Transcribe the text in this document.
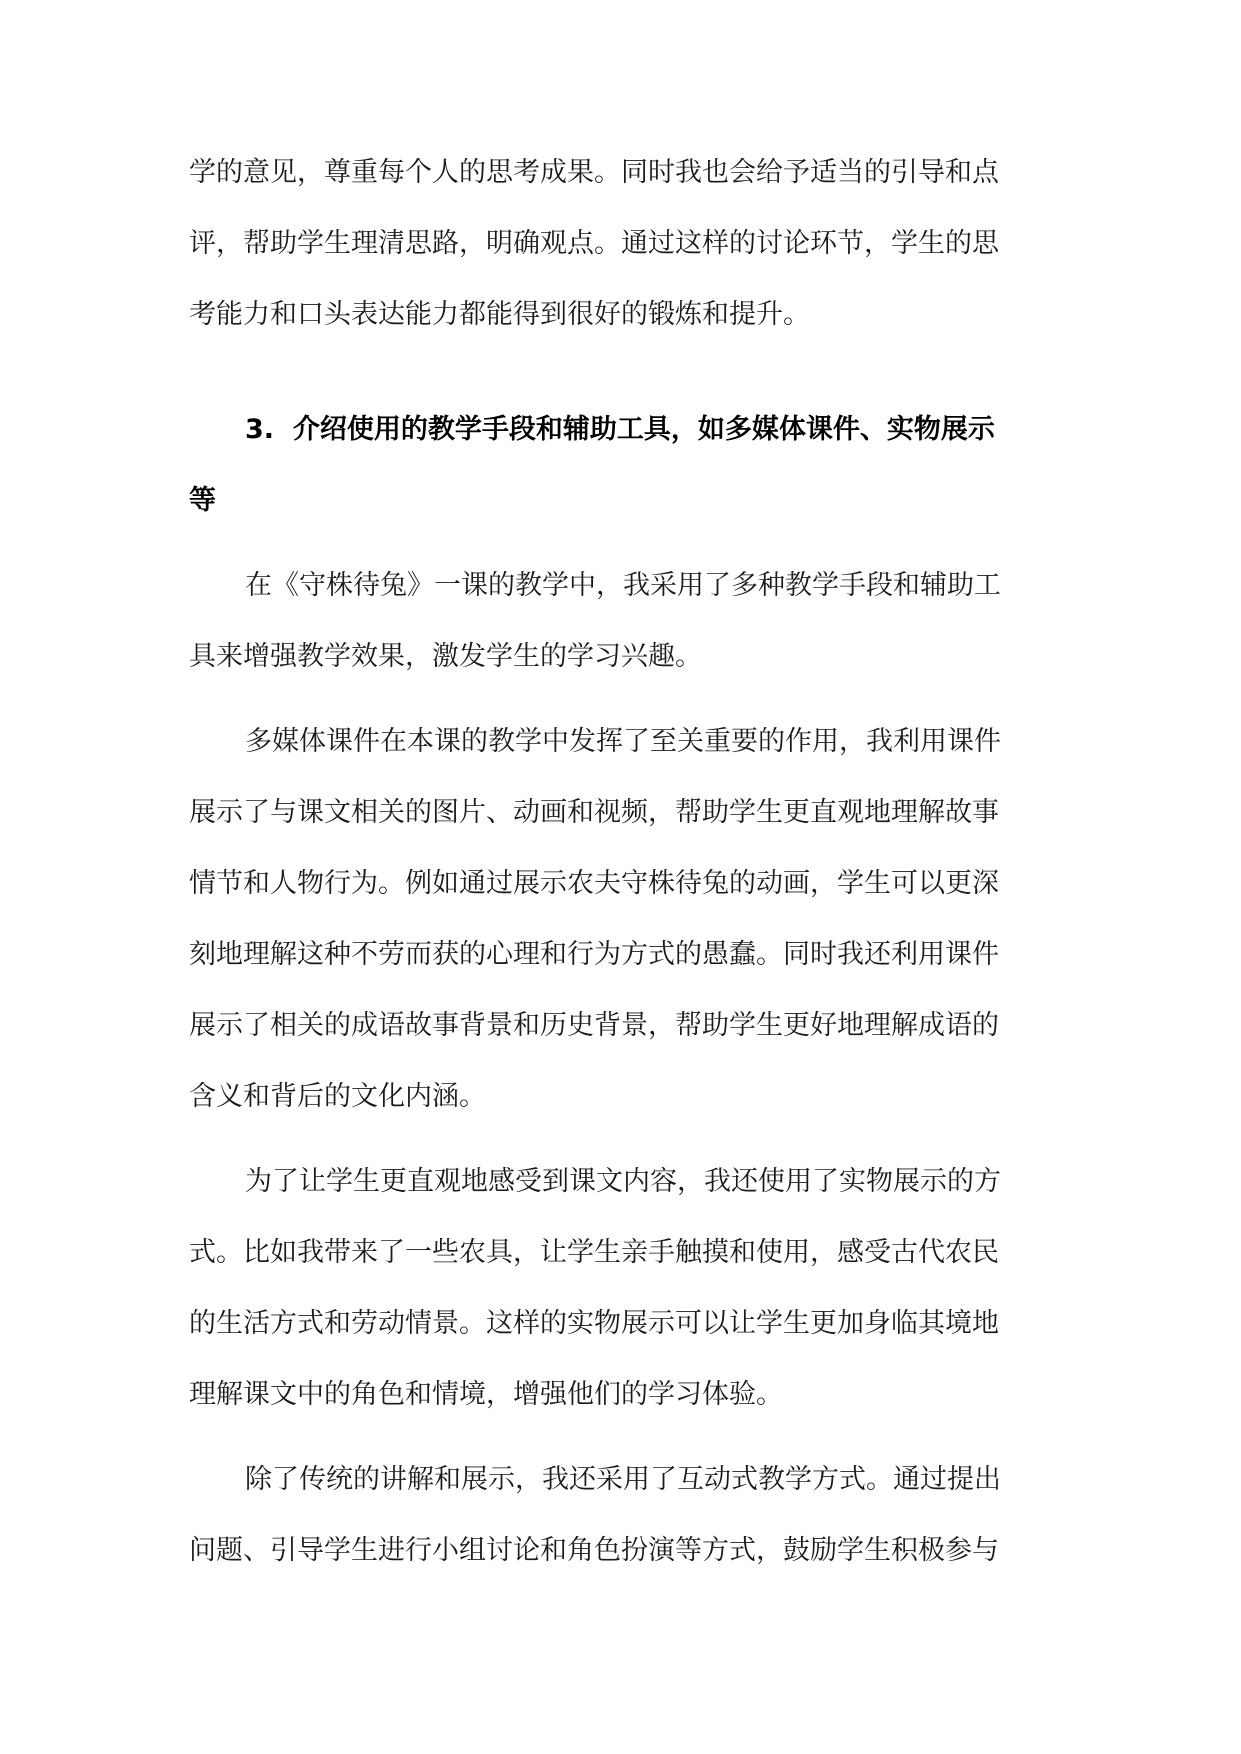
学的意见，尊重每个人的思考成果。同时我也会给予适当的引导和点
评，帮助学生理清思路，明确观点。通过这样的讨论环节，学生的思
考能力和口头表达能力都能得到很好的锻炼和提升。
3.  介绍使用的教学手段和辅助工具，如多媒体课件、实物展示
等
在《守株待兔》一课的教学中，我采用了多种教学手段和辅助工
具来增强教学效果，激发学生的学习兴趣。
多媒体课件在本课的教学中发挥了至关重要的作用，我利用课件
展示了与课文相关的图片、动画和视频，帮助学生更直观地理解故事
情节和人物行为。例如通过展示农夫守株待兔的动画，学生可以更深
刻地理解这种不劳而获的心理和行为方式的愚蠢。同时我还利用课件
展示了相关的成语故事背景和历史背景，帮助学生更好地理解成语的
含义和背后的文化内涵。
为了让学生更直观地感受到课文内容，我还使用了实物展示的方
式。比如我带来了一些农具，让学生亲手触摸和使用，感受古代农民
的生活方式和劳动情景。这样的实物展示可以让学生更加身临其境地
理解课文中的角色和情境，增强他们的学习体验。
除了传统的讲解和展示，我还采用了互动式教学方式。通过提出
问题、引导学生进行小组讨论和角色扮演等方式，鼓励学生积极参与
